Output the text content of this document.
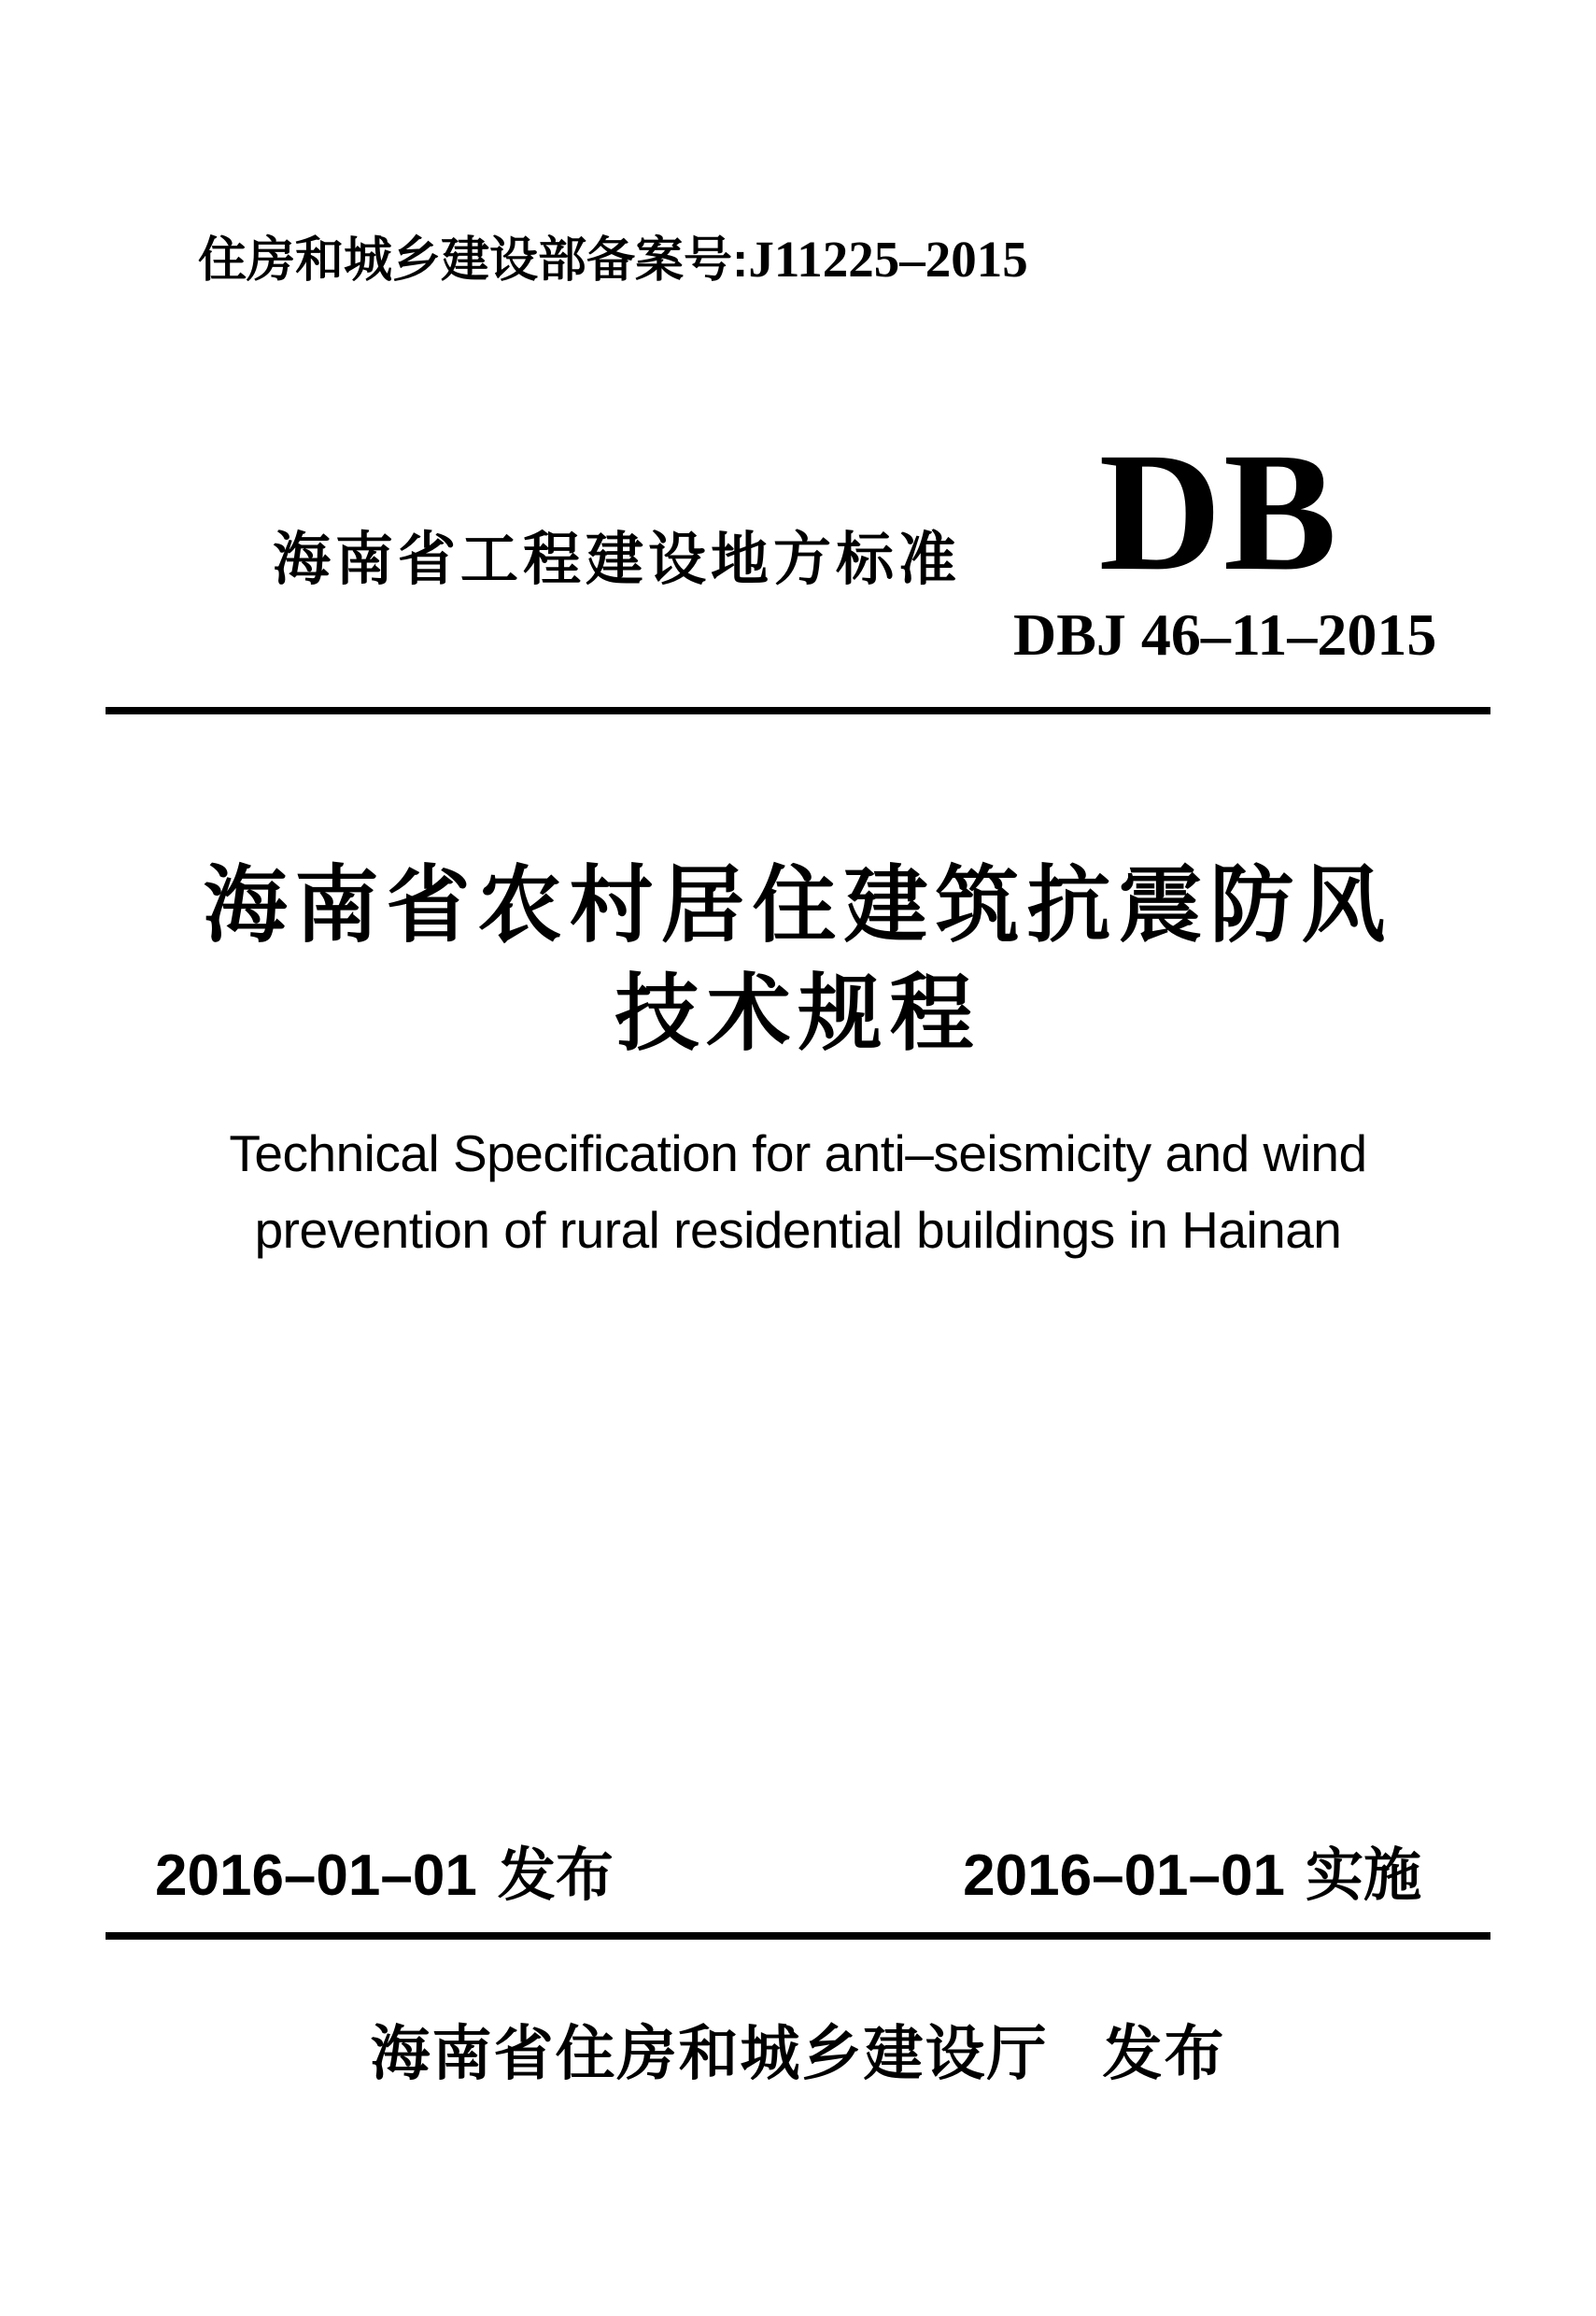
住房和城乡建设部备案号:J11225–2015
海南省工程建设地方标准 DB
DBJ 46–11–2015
海南省农村居住建筑抗震防风
技术规程
Technical Specification for anti–seismicity and wind
prevention of rural residential buildings in Hainan
2016–01–01 发布	2016–01–01 实施
海南省住房和城乡建设厅 发布
